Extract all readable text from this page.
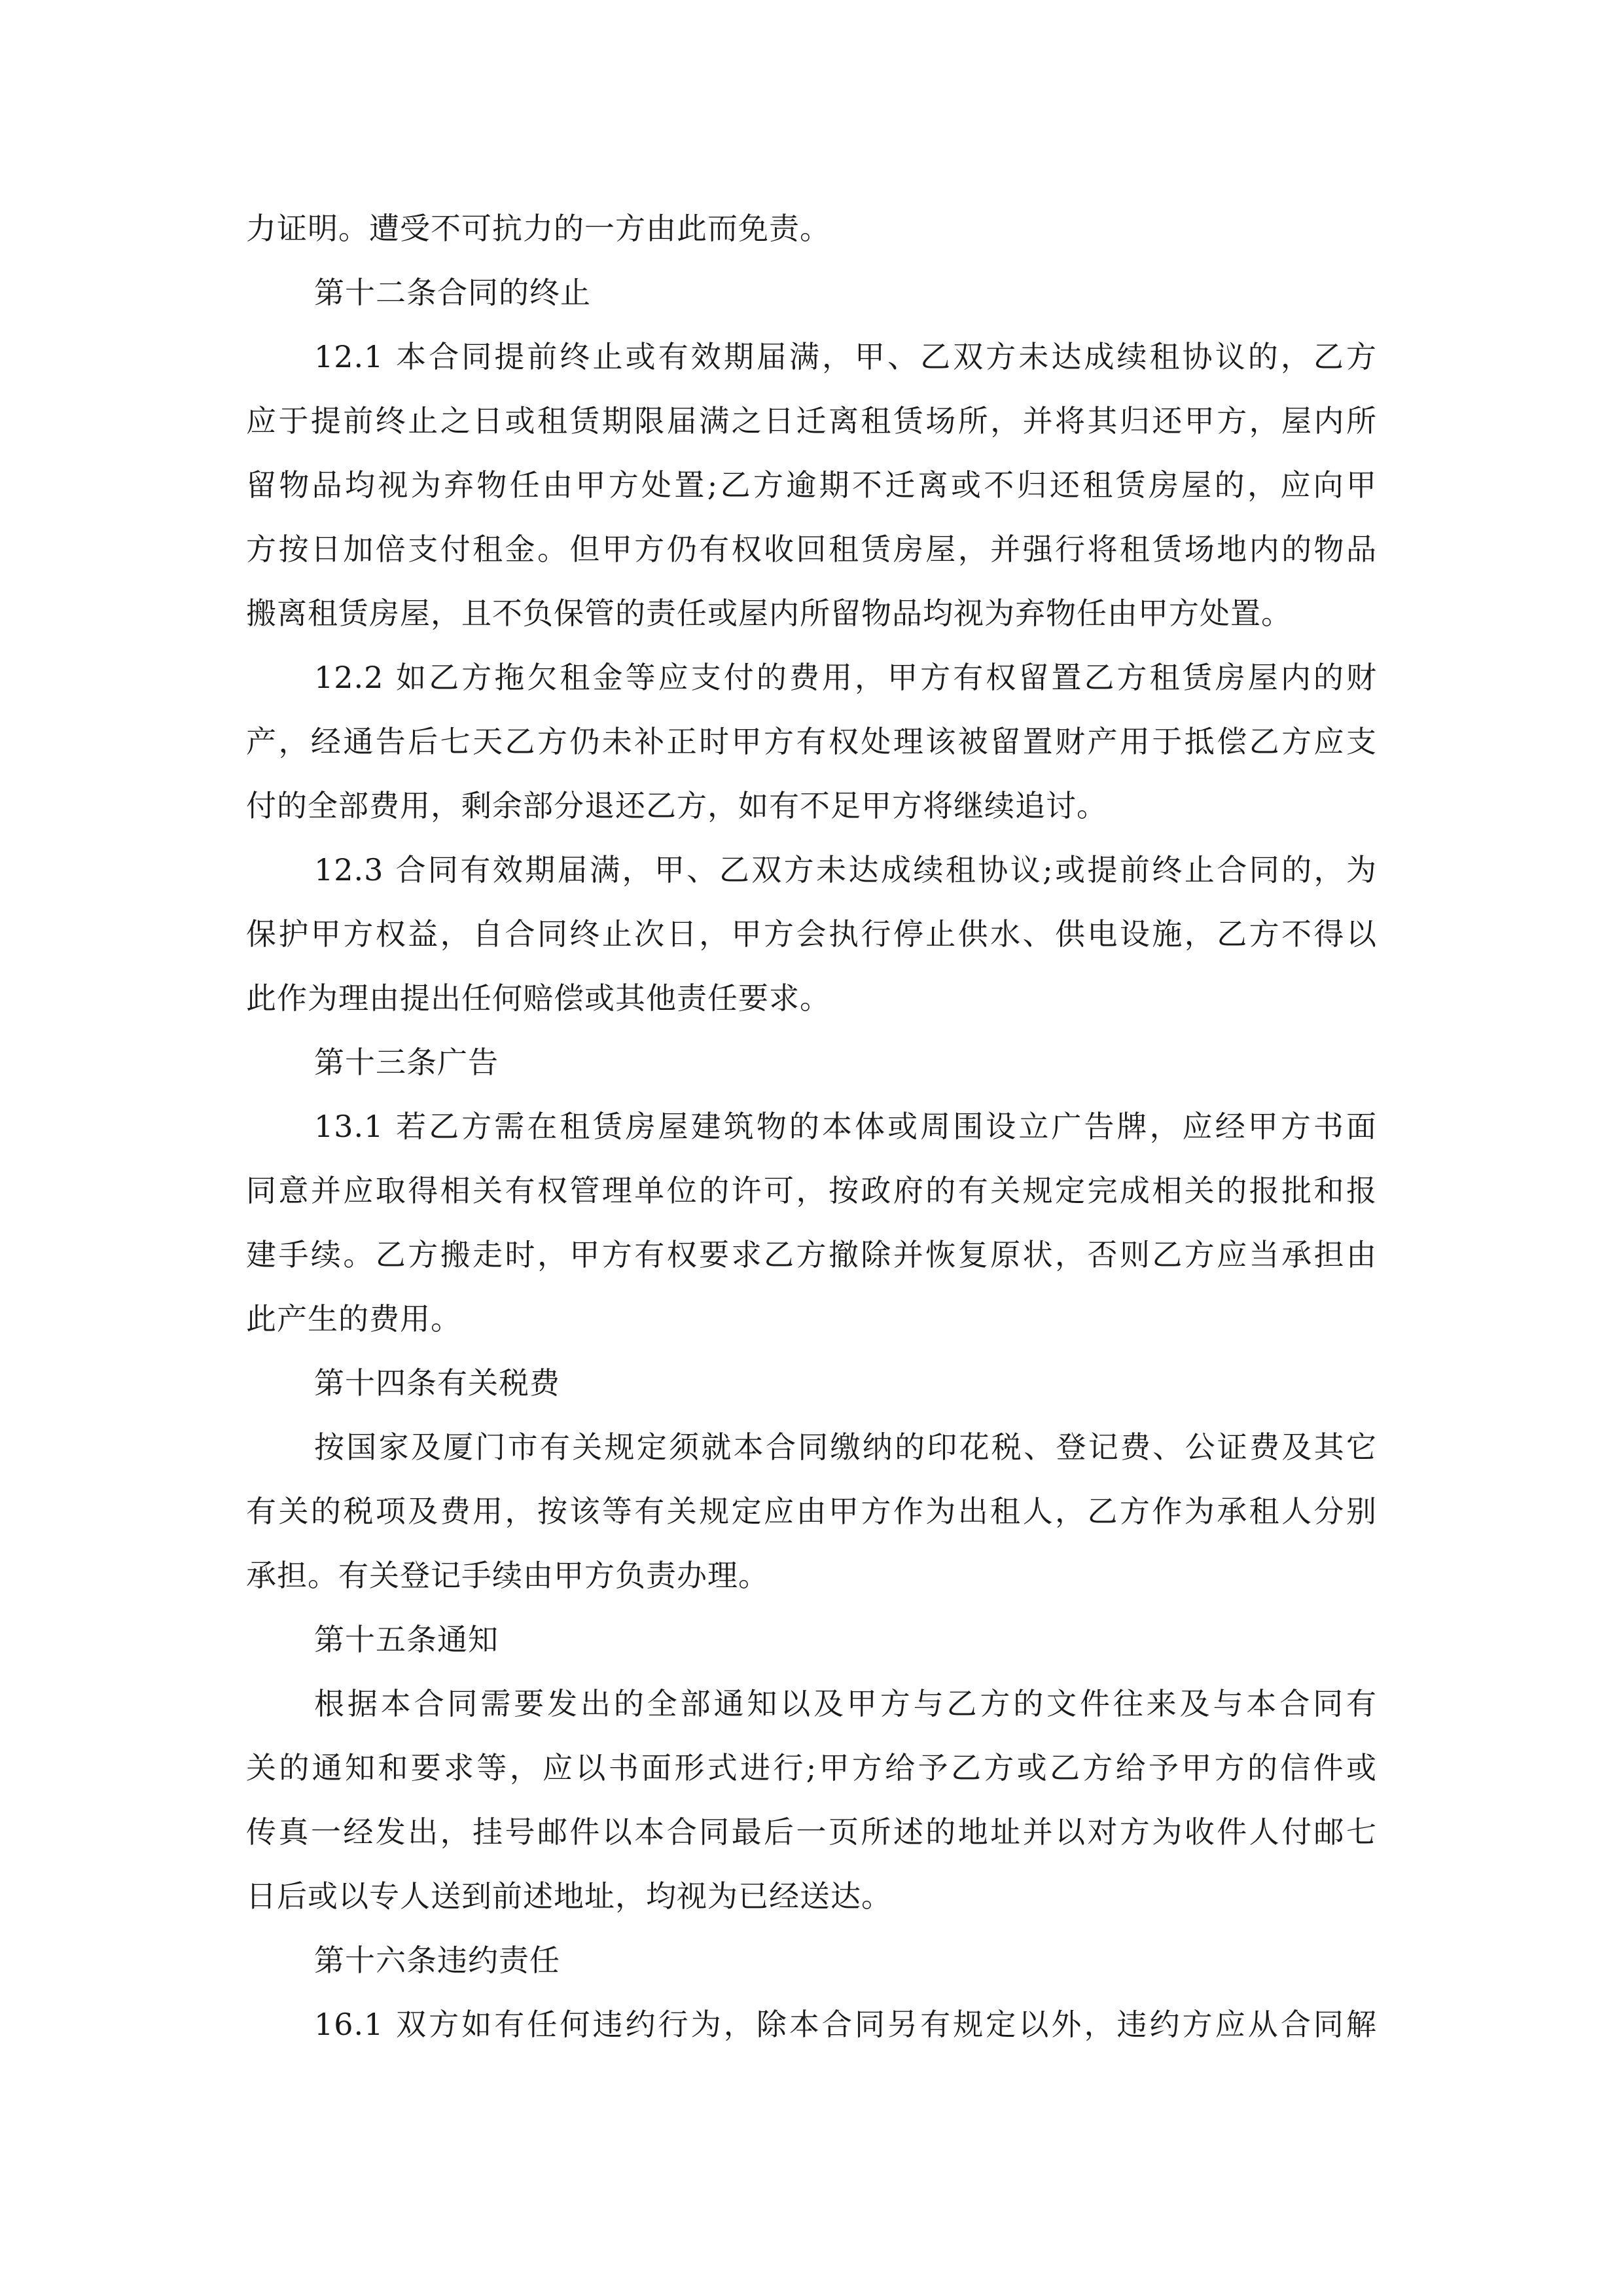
力证明。遭受不可抗力的一方由此而免责。
第十二条合同的终止
12.1 本合同提前终止或有效期届满，甲、乙双方未达成续租协议的，乙方
应于提前终止之日或租赁期限届满之日迁离租赁场所，并将其归还甲方，屋内所
留物品均视为弃物任由甲方处置;乙方逾期不迁离或不归还租赁房屋的，应向甲
方按日加倍支付租金。但甲方仍有权收回租赁房屋，并强行将租赁场地内的物品
搬离租赁房屋，且不负保管的责任或屋内所留物品均视为弃物任由甲方处置。
12.2 如乙方拖欠租金等应支付的费用，甲方有权留置乙方租赁房屋内的财
产，经通告后七天乙方仍未补正时甲方有权处理该被留置财产用于抵偿乙方应支
付的全部费用，剩余部分退还乙方，如有不足甲方将继续追讨。
12.3 合同有效期届满，甲、乙双方未达成续租协议;或提前终止合同的，为
保护甲方权益，自合同终止次日，甲方会执行停止供水、供电设施，乙方不得以
此作为理由提出任何赔偿或其他责任要求。
第十三条广告
13.1 若乙方需在租赁房屋建筑物的本体或周围设立广告牌，应经甲方书面
同意并应取得相关有权管理单位的许可，按政府的有关规定完成相关的报批和报
建手续。乙方搬走时，甲方有权要求乙方撤除并恢复原状，否则乙方应当承担由
此产生的费用。
第十四条有关税费
按国家及厦门市有关规定须就本合同缴纳的印花税、登记费、公证费及其它
有关的税项及费用，按该等有关规定应由甲方作为出租人，乙方作为承租人分别
承担。有关登记手续由甲方负责办理。
第十五条通知
根据本合同需要发出的全部通知以及甲方与乙方的文件往来及与本合同有
关的通知和要求等，应以书面形式进行;甲方给予乙方或乙方给予甲方的信件或
传真一经发出，挂号邮件以本合同最后一页所述的地址并以对方为收件人付邮七
日后或以专人送到前述地址，均视为已经送达。
第十六条违约责任
16.1 双方如有任何违约行为，除本合同另有规定以外，违约方应从合同解
